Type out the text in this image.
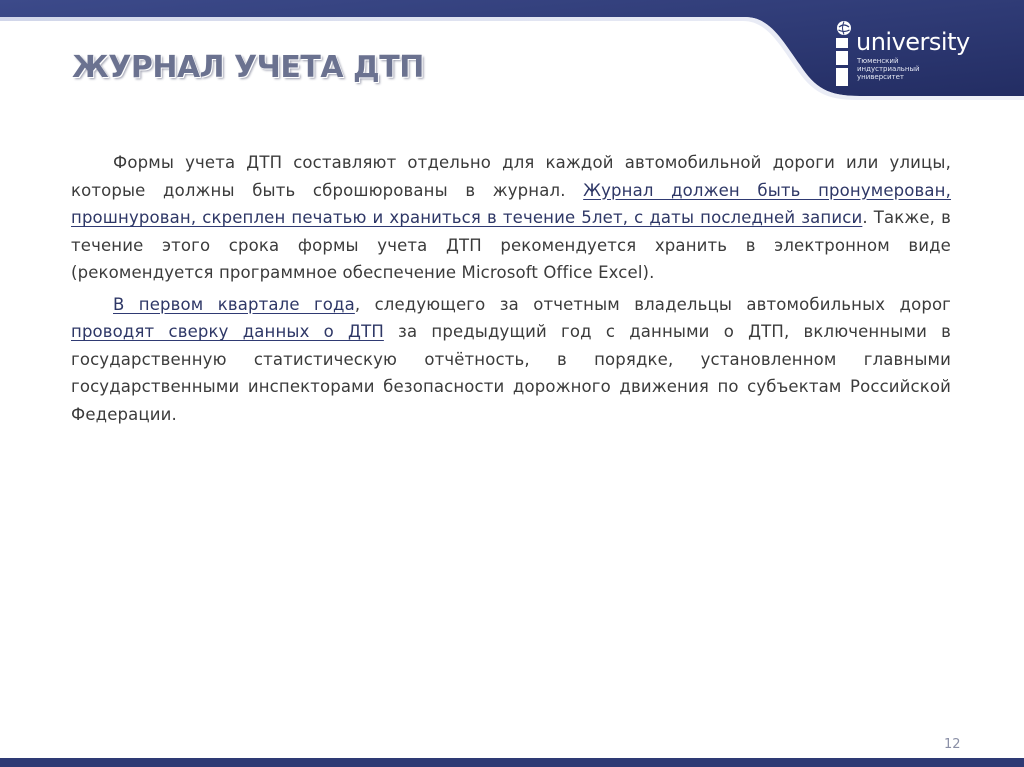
ЖУРНАЛ УЧЕТА ДТП
university
Тюменский
индустриальный
университет

Формы учета ДТП составляют отдельно для каждой автомобильной дороги или улицы, которые должны быть сброшюрованы в журнал. Журнал должен быть пронумерован, прошнурован, скреплен печатью и храниться в течение 5лет, с даты последней записи. Также, в течение этого срока формы учета ДТП рекомендуется хранить в электронном виде (рекомендуется программное обеспечение Microsoft Office Excel).

В первом квартале года, следующего за отчетным владельцы автомобильных дорог проводят сверку данных о ДТП за предыдущий год с данными о ДТП, включенными в государственную статистическую отчётность, в порядке, установленном главными государственными инспекторами безопасности дорожного движения по субъектам Российской Федерации.

12
